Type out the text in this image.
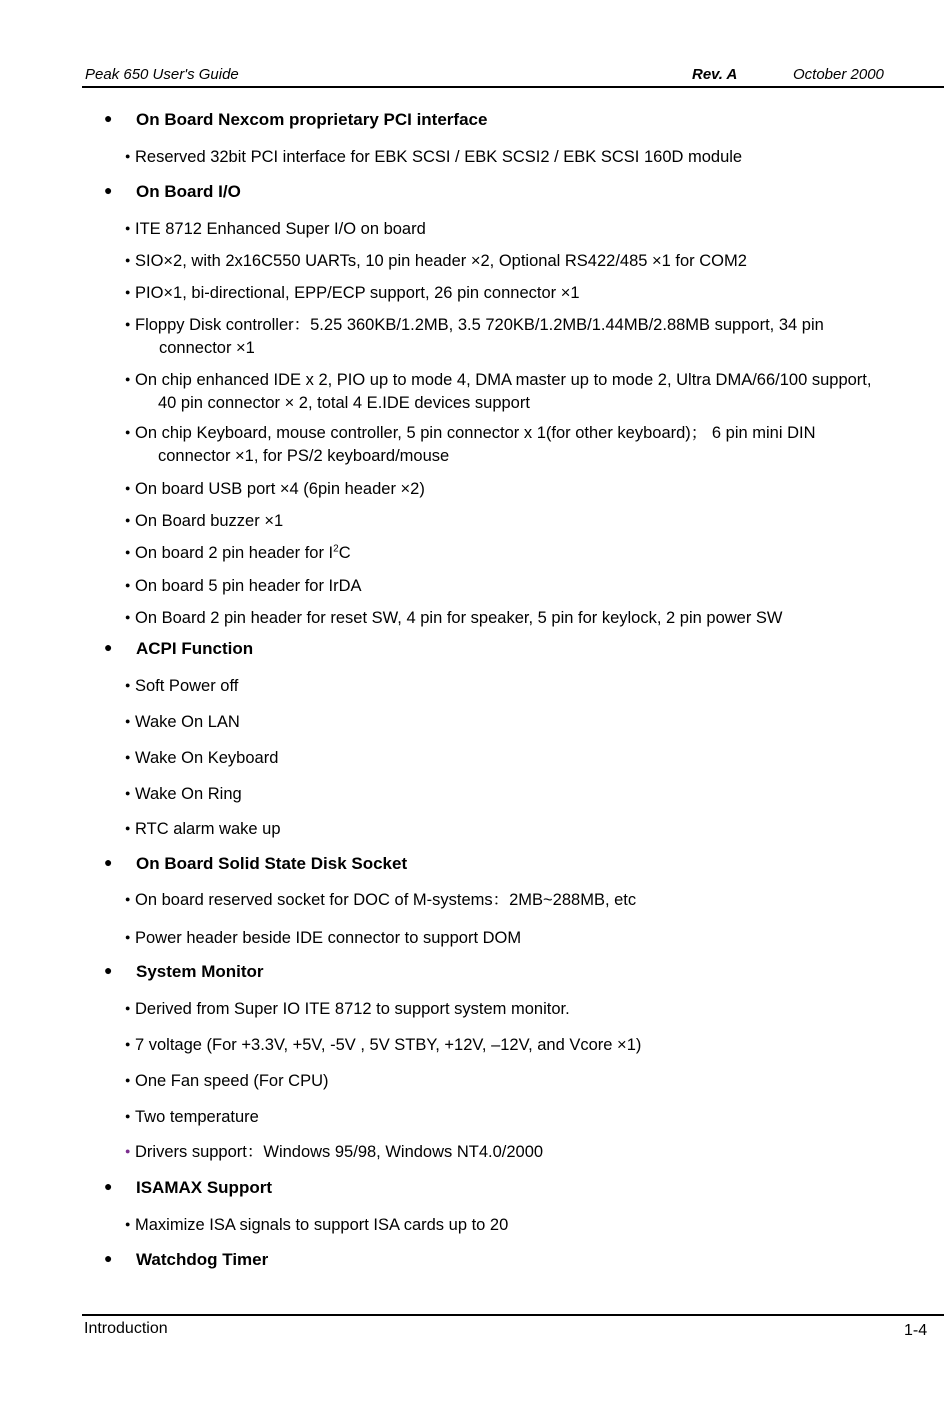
Peak 650 User's Guide	Rev. A	October 2000
● On Board Nexcom proprietary PCI interface
● Reserved 32bit PCI interface for EBK SCSI / EBK SCSI2 / EBK SCSI 160D module
● On Board I/O
● ITE 8712 Enhanced Super I/O on board
● SIO×2, with 2x16C550 UARTs, 10 pin header ×2, Optional RS422/485 ×1 for COM2
● PIO×1, bi-directional, EPP/ECP support, 26 pin connector ×1
● Floppy Disk controller：5.25 360KB/1.2MB, 3.5 720KB/1.2MB/1.44MB/2.88MB support, 34 pin
connector ×1
● On chip enhanced IDE x 2, PIO up to mode 4, DMA master up to mode 2, Ultra DMA/66/100 support,
40 pin connector × 2, total 4 E.IDE devices support
● On chip Keyboard, mouse controller, 5 pin connector x 1(for other keyboard)； 6 pin mini DIN
connector ×1, for PS/2 keyboard/mouse
● On board USB port ×4 (6pin header ×2)
● On Board buzzer ×1
● On board 2 pin header for $I^2C$
● On board 5 pin header for IrDA
● On Board 2 pin header for reset SW, 4 pin for speaker, 5 pin for keylock, 2 pin power SW
● ACPI Function
● Soft Power off
● Wake On LAN
● Wake On Keyboard
● Wake On Ring
● RTC alarm wake up
● On Board Solid State Disk Socket
● On board reserved socket for DOC of M-systems：2MB~288MB, etc
● Power header beside IDE connector to support DOM
● System Monitor
● Derived from Super IO ITE 8712 to support system monitor.
● 7 voltage (For +3.3V, +5V, -5V , 5V STBY, +12V, –12V, and Vcore ×1)
● One Fan speed (For CPU)
● Two temperature
● Drivers support：Windows 95/98, Windows NT4.0/2000
● ISAMAX Support
● Maximize ISA signals to support ISA cards up to 20
● Watchdog Timer
Introduction	1-4
